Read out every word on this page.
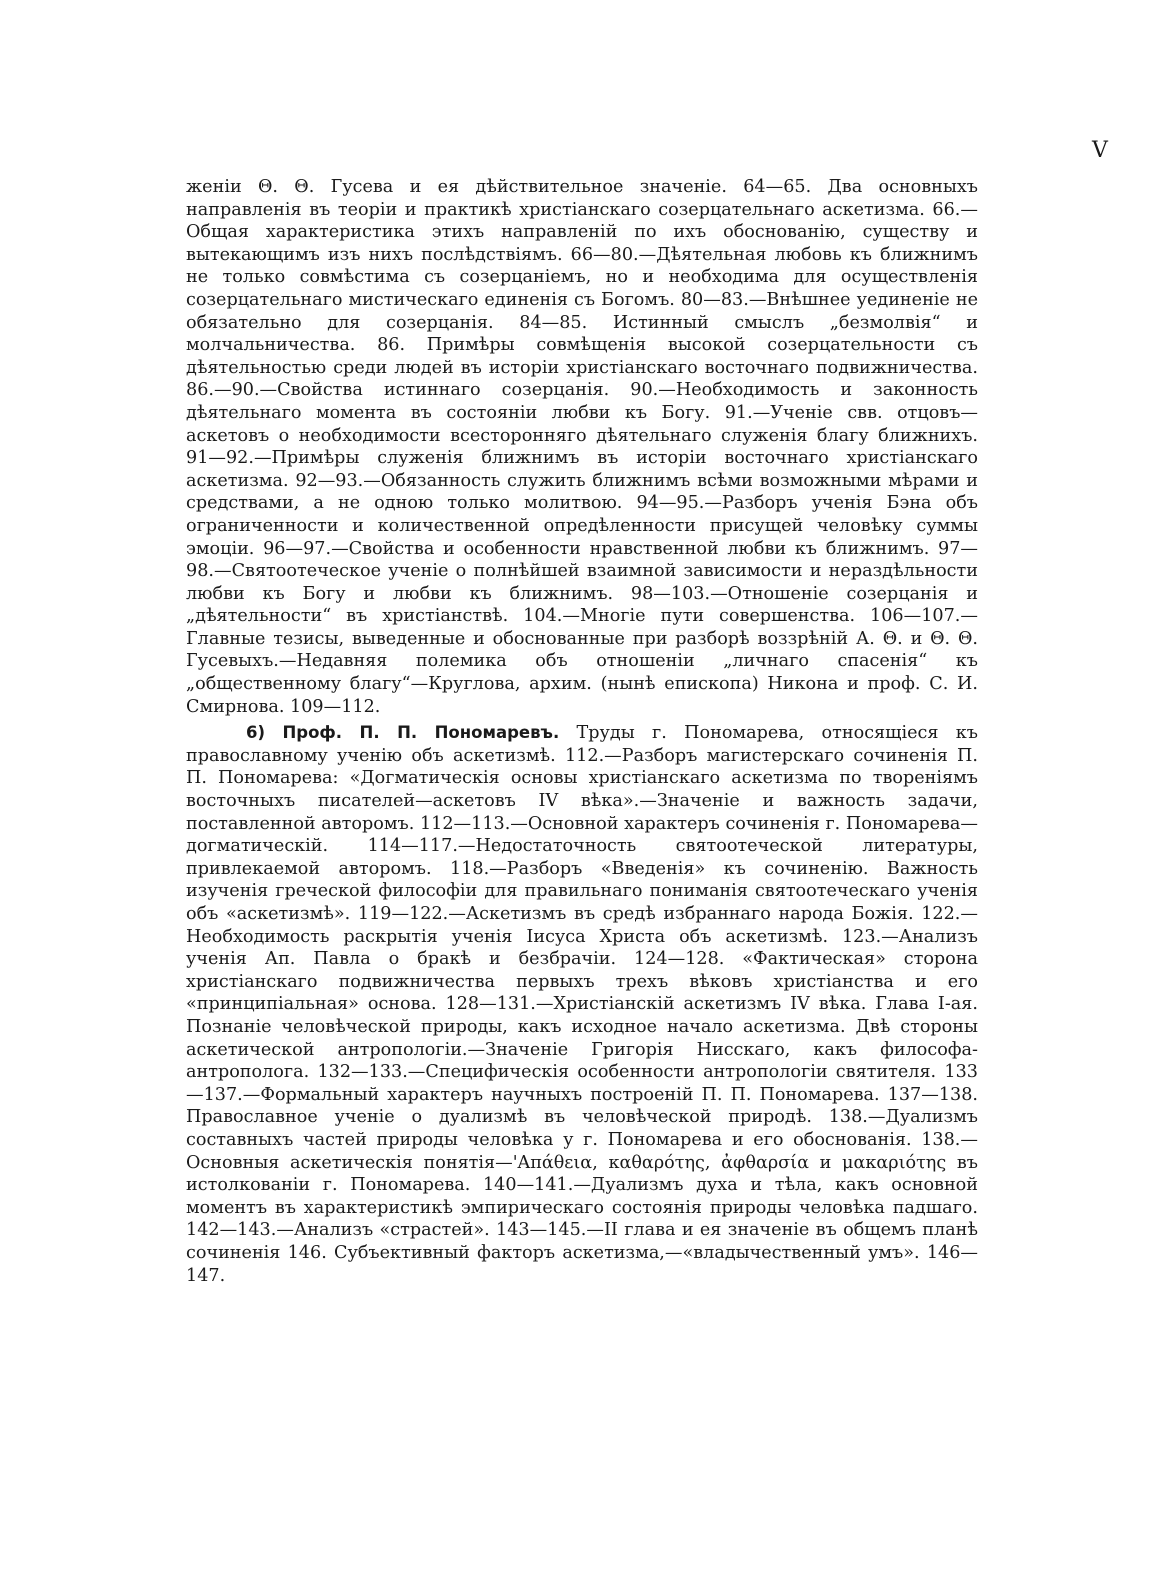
V

женіи Θ. Θ. Гусева и ея дѣйствительное значеніе. 64—65. Два основныхъ направленія въ теоріи и практикѣ христіанскаго созерцательнаго аскетизма. 66.—Общая характеристика этихъ направленій по ихъ обоснованію, существу и вытекающимъ изъ нихъ послѣдствіямъ. 66—80.—Дѣятельная любовь къ ближнимъ не только совмѣстима съ созерцаніемъ, но и необходима для осуществленія созерцательнаго мистическаго единенія съ Богомъ. 80—83.—Внѣшнее уединеніе не обязательно для созерцанія. 84—85. Истинный смыслъ „безмолвія“ и молчальничества. 86. Примѣры совмѣщенія высокой созерцательности съ дѣятельностью среди людей въ исторіи христіанскаго восточнаго подвижничества. 86.—90.—Свойства истиннаго созерцанія. 90.—Необходимость и законность дѣятельнаго момента въ состояніи любви къ Богу. 91.—Ученіе свв. отцовъ—аскетовъ о необходимости всесторонняго дѣятельнаго служенія благу ближнихъ. 91—92.—Примѣры служенія ближнимъ въ исторіи восточнаго христіанскаго аскетизма. 92—93.—Обязанность служить ближнимъ всѣми возможными мѣрами и средствами, а не одною только молитвою. 94—95.—Разборъ ученія Бэна объ ограниченности и количественной опредѣленности присущей человѣку суммы эмоціи. 96—97.—Свойства и особенности нравственной любви къ ближнимъ. 97—98.—Святоотеческое ученіе о полнѣйшей взаимной зависимости и нераздѣльности любви къ Богу и любви къ ближнимъ. 98—103.—Отношеніе созерцанія и „дѣятельности“ въ христіанствѣ. 104.—Многіе пути совершенства. 106—107.—Главные тезисы, выведенные и обоснованные при разборѣ воззрѣній А. Θ. и Θ. Θ. Гусевыхъ.—Недавняя полемика объ отношеніи „личнаго спасенія“ къ „общественному благу“—Круглова, архим. (нынѣ епископа) Никона и проф. С. И. Смирнова. 109—112.

6) Проф. П. П. Пономаревъ. Труды г. Пономарева, относящіеся къ православному ученію объ аскетизмѣ. 112.—Разборъ магистерскаго сочиненія П. П. Пономарева: «Догматическія основы христіанскаго аскетизма по твореніямъ восточныхъ писателей—аскетовъ IV вѣка».—Значеніе и важность задачи, поставленной авторомъ. 112—113.—Основной характеръ сочиненія г. Пономарева—догматическій. 114—117.—Недостаточность святоотеческой литературы, привлекаемой авторомъ. 118.—Разборъ «Введенія» къ сочиненію. Важность изученія греческой философіи для правильнаго пониманія святоотеческаго ученія объ «аскетизмѣ». 119—122.—Аскетизмъ въ средѣ избраннаго народа Божія. 122.—Необходимость раскрытія ученія Іисуса Христа объ аскетизмѣ. 123.—Анализъ ученія Ап. Павла о бракѣ и безбрачіи. 124—128. «Фактическая» сторона христіанскаго подвижничества первыхъ трехъ вѣковъ христіанства и его «принципіальная» основа. 128—131.—Христіанскій аскетизмъ IV вѣка. Глава I-ая. Познаніе человѣческой природы, какъ исходное начало аскетизма. Двѣ стороны аскетической антропологіи.—Значеніе Григорія Нисскаго, какъ философа-антрополога. 132—133.—Специфическія особенности антропологіи святителя. 133—137.—Формальный характеръ научныхъ построеній П. П. Пономарева. 137—138. Православное ученіе о дуализмѣ въ человѣческой природѣ. 138.—Дуализмъ составныхъ частей природы человѣка у г. Пономарева и его обоснованія. 138.—Основныя аскетическія понятія—'Απάθεια, καθαρότης, ἀφθαρσία и μακαριότης въ истолкованіи г. Пономарева. 140—141.—Дуализмъ духа и тѣла, какъ основной моментъ въ характеристикѣ эмпирическаго состоянія природы человѣка падшаго. 142—143.—Анализъ «страстей». 143—145.—II глава и ея значеніе въ общемъ планѣ сочиненія 146. Субъективный факторъ аскетизма,—«владычественный умъ». 146—147.
